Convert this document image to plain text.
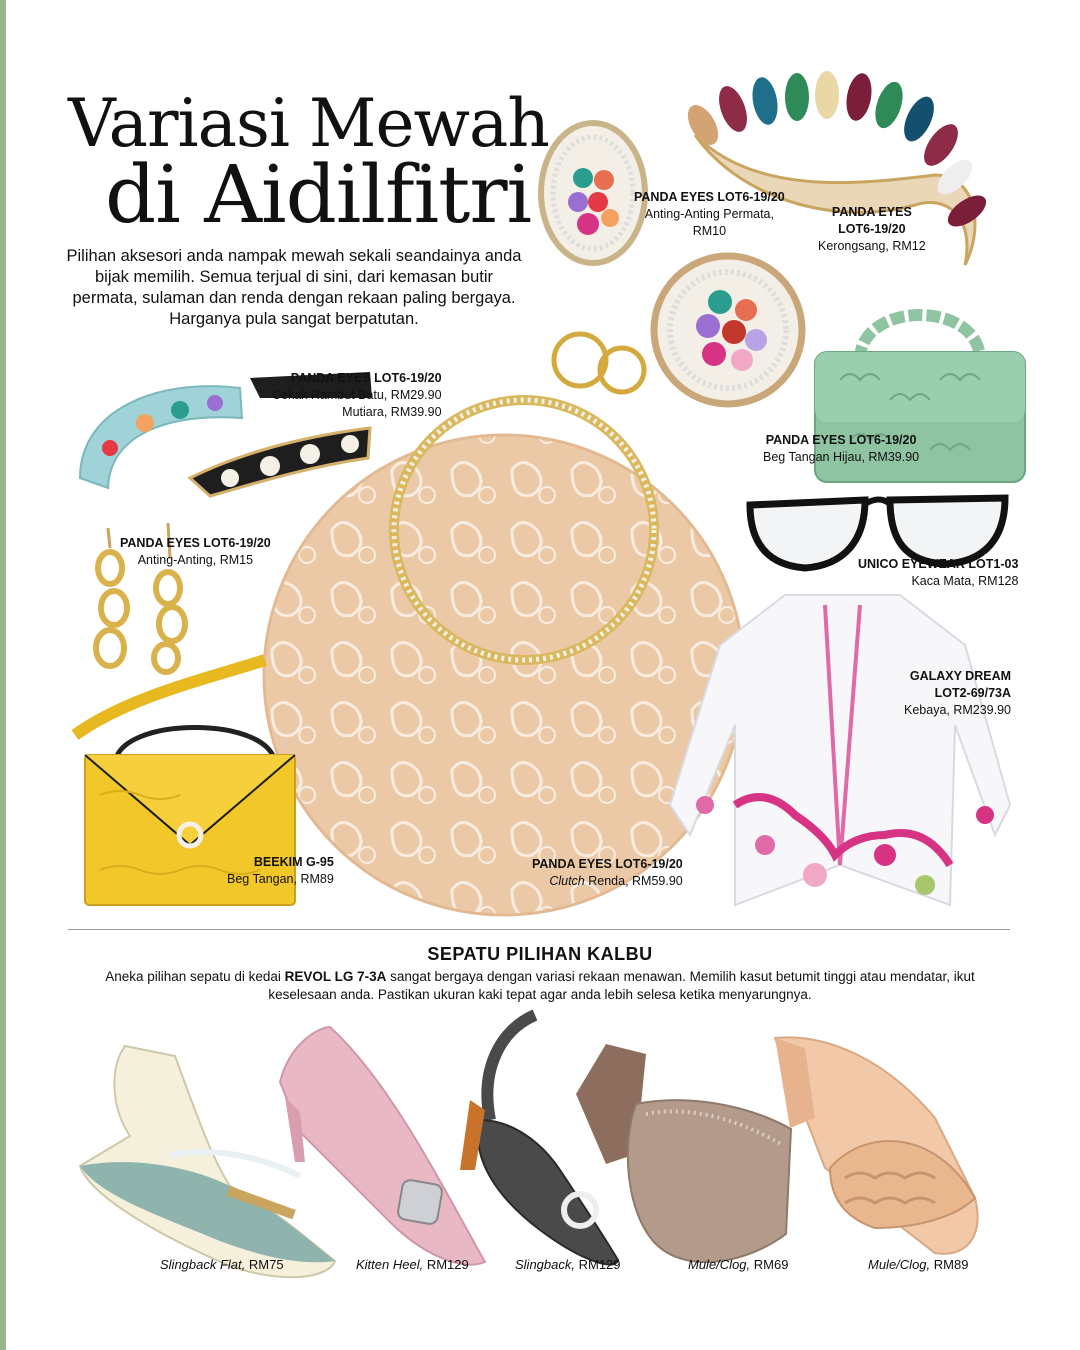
Variasi Mewah
di Aidilfitri
Pilihan aksesori anda nampak mewah sekali seandainya anda bijak memilih. Semua terjual di sini, dari kemasan butir permata, sulaman dan renda dengan rekaan paling bergaya. Harganya pula sangat berpatutan.
PANDA EYES LOT6-19/20
Anting-Anting Permata,
RM10
PANDA EYES
LOT6-19/20
Kerongsang, RM12
PANDA EYES LOT6-19/20
Cekak Rambut Batu, RM29.90
Mutiara, RM39.90
PANDA EYES LOT6-19/20
Beg Tangan Hijau, RM39.90
PANDA EYES LOT6-19/20
Anting-Anting, RM15	UNICO EYEWEAR LOT1-03
Kaca Mata, RM128
GALAXY DREAM
LOT2-69/73A
Kebaya, RM239.90
BEEKIM G-95
Beg Tangan, RM89
PANDA EYES LOT6-19/20
Clutch Renda, RM59.90
SEPATU PILIHAN KALBU
Aneka pilihan sepatu di kedai REVOL LG 7-3A sangat bergaya dengan variasi rekaan menawan. Memilih kasut betumit tinggi atau mendatar, ikut keselesaan anda. Pastikan ukuran kaki tepat agar anda lebih selesa ketika menyarungnya.
Slingback Flat, RM75	Kitten Heel, RM129	Slingback, RM129	Mule/Clog, RM69	Mule/Clog, RM89
